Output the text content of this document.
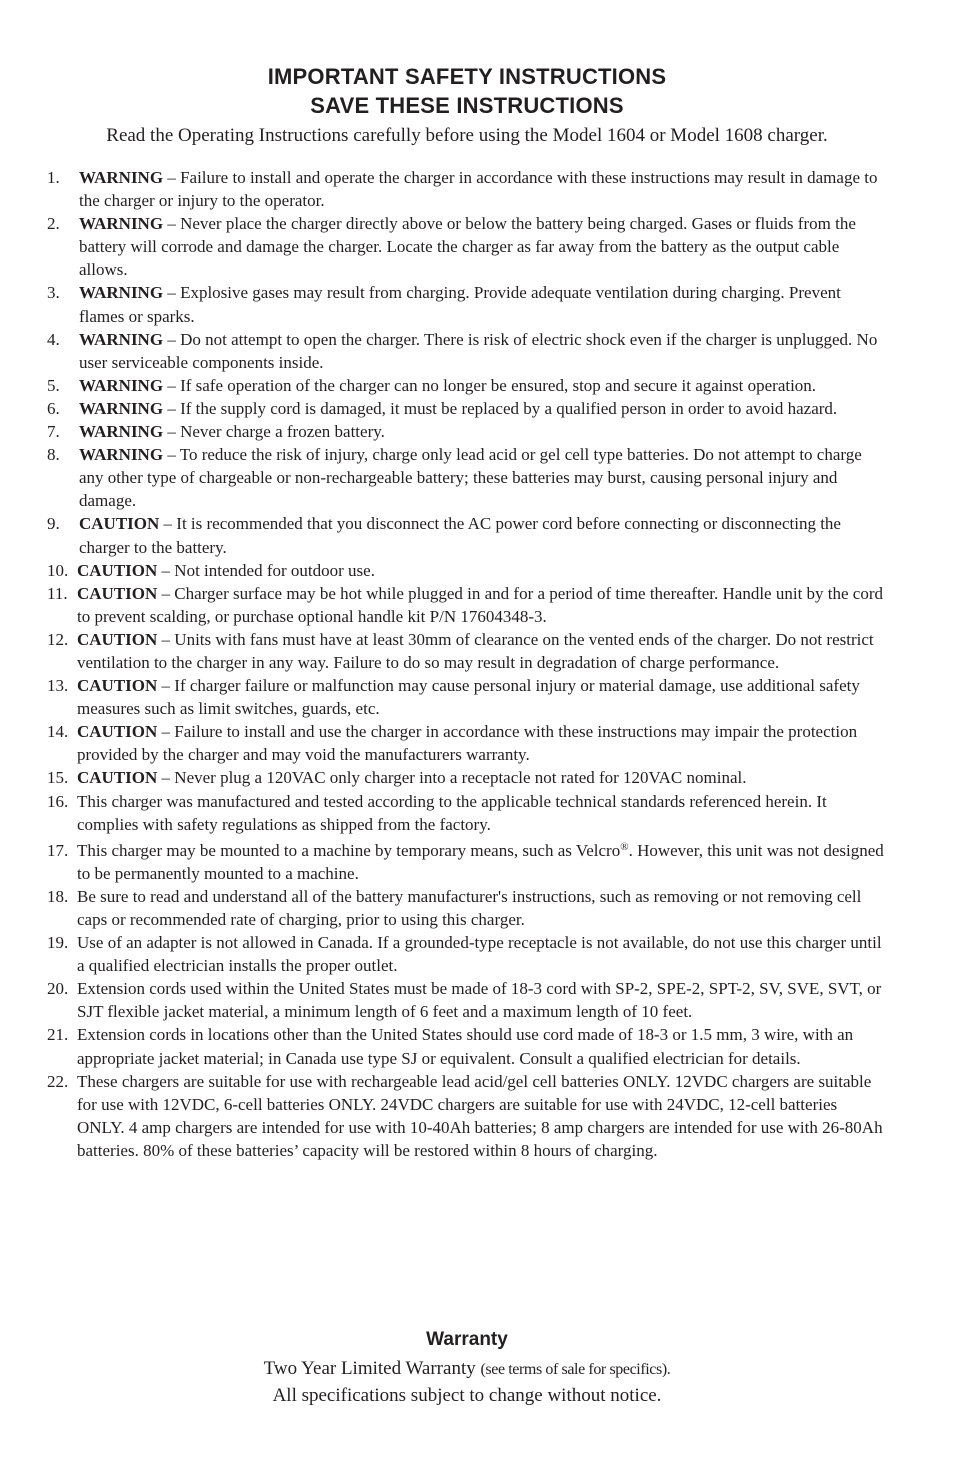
IMPORTANT SAFETY INSTRUCTIONS
SAVE THESE INSTRUCTIONS
Read the Operating Instructions carefully before using the Model 1604 or Model 1608 charger.
1.	WARNING – Failure to install and operate the charger in accordance with these instructions may result in damage to the charger or injury to the operator.
2.	WARNING – Never place the charger directly above or below the battery being charged. Gases or fluids from the battery will corrode and damage the charger. Locate the charger as far away from the battery as the output cable allows.
3.	WARNING – Explosive gases may result from charging. Provide adequate ventilation during charging. Prevent flames or sparks.
4.	WARNING – Do not attempt to open the charger. There is risk of electric shock even if the charger is unplugged. No user serviceable components inside.
5.	WARNING – If safe operation of the charger can no longer be ensured, stop and secure it against operation.
6.	WARNING – If the supply cord is damaged, it must be replaced by a qualified person in order to avoid hazard.
7.	WARNING – Never charge a frozen battery.
8.	WARNING – To reduce the risk of injury, charge only lead acid or gel cell type batteries. Do not attempt to charge any other type of chargeable or non-rechargeable battery; these batteries may burst, causing personal injury and damage.
9.	CAUTION – It is recommended that you disconnect the AC power cord before connecting or disconnecting the charger to the battery.
10. CAUTION – Not intended for outdoor use.
11. CAUTION – Charger surface may be hot while plugged in and for a period of time thereafter. Handle unit by the cord to prevent scalding, or purchase optional handle kit P/N 17604348-3.
12. CAUTION – Units with fans must have at least 30mm of clearance on the vented ends of the charger. Do not restrict ventilation to the charger in any way. Failure to do so may result in degradation of charge performance.
13. CAUTION – If charger failure or malfunction may cause personal injury or material damage, use additional safety measures such as limit switches, guards, etc.
14. CAUTION – Failure to install and use the charger in accordance with these instructions may impair the protection provided by the charger and may void the manufacturers warranty.
15. CAUTION – Never plug a 120VAC only charger into a receptacle not rated for 120VAC nominal.
16. This charger was manufactured and tested according to the applicable technical standards referenced herein. It complies with safety regulations as shipped from the factory.
17. This charger may be mounted to a machine by temporary means, such as Velcro®. However, this unit was not designed to be permanently mounted to a machine.
18. Be sure to read and understand all of the battery manufacturer's instructions, such as removing or not removing cell caps or recommended rate of charging, prior to using this charger.
19. Use of an adapter is not allowed in Canada. If a grounded-type receptacle is not available, do not use this charger until a qualified electrician installs the proper outlet.
20. Extension cords used within the United States must be made of 18-3 cord with SP-2, SPE-2, SPT-2, SV, SVE, SVT, or SJT flexible jacket material, a minimum length of 6 feet and a maximum length of 10 feet.
21. Extension cords in locations other than the United States should use cord made of 18-3 or 1.5 mm, 3 wire, with an appropriate jacket material; in Canada use type SJ or equivalent. Consult a qualified electrician for details.
22. These chargers are suitable for use with rechargeable lead acid/gel cell batteries ONLY. 12VDC chargers are suitable for use with 12VDC, 6-cell batteries ONLY. 24VDC chargers are suitable for use with 24VDC, 12-cell batteries ONLY. 4 amp chargers are intended for use with 10-40Ah batteries; 8 amp chargers are intended for use with 26-80Ah batteries. 80% of these batteries’ capacity will be restored within 8 hours of charging.
Warranty
Two Year Limited Warranty (see terms of sale for specifics).
All specifications subject to change without notice.
